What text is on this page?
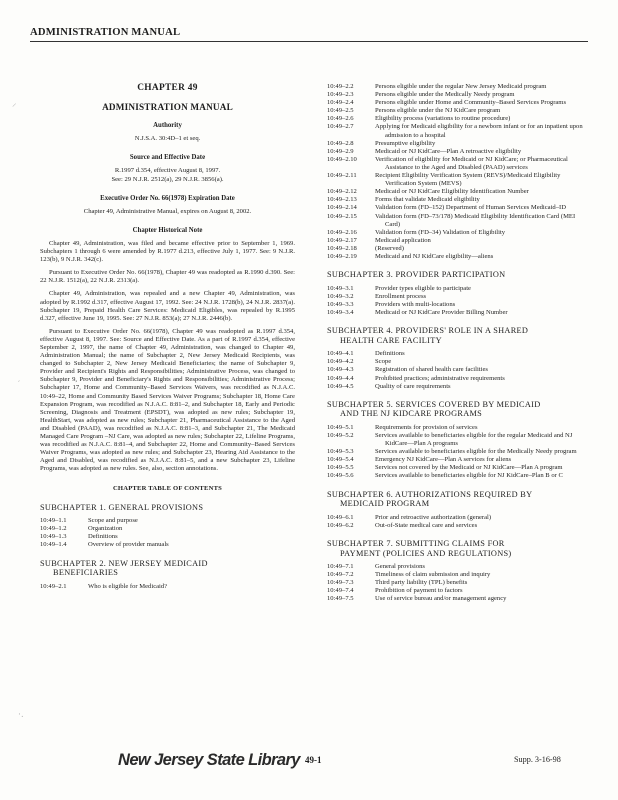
ADMINISTRATION MANUAL
⸝
′
·.
CHAPTER 49
ADMINISTRATION MANUAL
Authority
N.J.S.A. 30:4D–1 et seq.
Source and Effective Date
R.1997 d.354, effective August 8, 1997.
See: 29 N.J.R. 2512(a), 29 N.J.R. 3856(a).
Executive Order No. 66(1978) Expiration Date
Chapter 49, Administrative Manual, expires on August 8, 2002.
Chapter Historical Note

Chapter 49, Administration, was filed and became effective prior to September 1, 1969. Subchapters 1 through 6 were amended by R.1977 d.213, effective July 1, 1977. See: 9 N.J.R. 123(b), 9 N.J.R. 342(c).

Pursuant to Executive Order No. 66(1978), Chapter 49 was readopted as R.1990 d.390. See: 22 N.J.R. 1512(a), 22 N.J.R. 2313(a).

Chapter 49, Administration, was repealed and a new Chapter 49, Administration, was adopted by R.1992 d.317, effective August 17, 1992. See: 24 N.J.R. 1728(b), 24 N.J.R. 2837(a). Subchapter 19, Prepaid Health Care Services: Medicaid Eligibles, was repealed by R.1995 d.327, effective June 19, 1995. See: 27 N.J.R. 853(a); 27 N.J.R. 2446(b).

Pursuant to Executive Order No. 66(1978), Chapter 49 was readopted as R.1997 d.354, effective August 8, 1997. See: Source and Effective Date. As a part of R.1997 d.354, effective September 2, 1997, the name of Chapter 49, Administration, was changed to Chapter 49, Administration Manual; the name of Subchapter 2, New Jersey Medicaid Recipients, was changed to Subchapter 2, New Jersey Medicaid Beneficiaries; the name of Subchapter 9, Provider and Recipient's Rights and Responsibilities; Administrative Process, was changed to Subchapter 9, Provider and Beneficiary's Rights and Responsibilities; Administrative Process; Subchapter 17, Home and Community–Based Services Waivers, was recodified as N.J.A.C. 10:49–22, Home and Community Based Services Waiver Programs; Subchapter 18, Home Care Expansion Program, was recodified as N.J.A.C. 8:81–2, and Subchapter 18, Early and Periodic Screening, Diagnosis and Treatment (EPSDT), was adopted as new rules; Subchapter 19, HealthStart, was adopted as new rules; Subchapter 21, Pharmaceutical Assistance to the Aged and Disabled (PAAD), was recodified as N.J.A.C. 8:81–3, and Subchapter 21, The Medicaid Managed Care Program –NJ Care, was adopted as new rules; Subchapter 22, Lifeline Programs, was recodified as N.J.A.C. 8:81–4, and Subchapter 22, Home and Community–Based Services Waiver Programs, was adopted as new rules; and Subchapter 23, Hearing Aid Assistance to the Aged and Disabled, was recodified as N.J.A.C. 8:81–5, and a new Subchapter 23, Lifeline Programs, was adopted as new rules. See, also, section annotations.

CHAPTER TABLE OF CONTENTS
SUBCHAPTER 1. GENERAL PROVISIONS
10:49–1.1	Scope and purpose
10:49–1.2	Organization
10:49–1.3	Definitions
10:49–1.4	Overview of provider manuals
SUBCHAPTER 2. NEW JERSEY MEDICAID
BENEFICIARIES
10:49–2.1	Who is eligible for Medicaid?
10:49–2.2	Persons eligible under the regular New Jersey Medicaid program
10:49–2.3	Persons eligible under the Medically Needy program
10:49–2.4	Persons eligible under Home and Community–Based Services Programs
10:49–2.5	Persons eligible under the NJ KidCare program
10:49–2.6	Eligibility process (variations to routine procedure)
10:49–2.7	Applying for Medicaid eligibility for a newborn infant or for an inpatient upon admission to a hospital
10:49–2.8	Presumptive eligibility
10:49–2.9	Medicaid or NJ KidCare—Plan A retroactive eligibility
10:49–2.10	Verification of eligibility for Medicaid or NJ KidCare; or Pharmaceutical Assistance to the Aged and Disabled (PAAD) services
10:49–2.11	Recipient Eligibility Verification System (REVS)/Medicaid Eligibility Verification System (MEVS)
10:49–2.12	Medicaid or NJ KidCare Eligibility Identification Number
10:49–2.13	Forms that validate Medicaid eligibility
10:49–2.14	Validation form (FD–152) Department of Human Services Medicaid–ID
10:49–2.15	Validation form (FD–73/178) Medicaid Eligibility Identification Card (MEI Card)
10:49–2.16	Validation form (FD–34) Validation of Eligibility
10:49–2.17	Medicaid application
10:49–2.18	(Reserved)
10:49–2.19	Medicaid and NJ KidCare eligibility—aliens
SUBCHAPTER 3. PROVIDER PARTICIPATION
10:49–3.1	Provider types eligible to participate
10:49–3.2	Enrollment process
10:49–3.3	Providers with multi-locations
10:49–3.4	Medicaid or NJ KidCare Provider Billing Number
SUBCHAPTER 4. PROVIDERS' ROLE IN A SHARED
HEALTH CARE FACILITY
10:49–4.1	Definitions
10:49–4.2	Scope
10:49–4.3	Registration of shared health care facilities
10:49–4.4	Prohibited practices; administrative requirements
10:49–4.5	Quality of care requirements
SUBCHAPTER 5. SERVICES COVERED BY MEDICAID
AND THE NJ KIDCARE PROGRAMS
10:49–5.1	Requirements for provision of services
10:49–5.2	Services available to beneficiaries eligible for the regular Medicaid and NJ KidCare—Plan A programs
10:49–5.3	Services available to beneficiaries eligible for the Medically Needy program
10:49–5.4	Emergency NJ KidCare—Plan A services for aliens
10:49–5.5	Services not covered by the Medicaid or NJ KidCare—Plan A program
10:49–5.6	Services available to beneficiaries eligible for NJ KidCare–Plan B or C
SUBCHAPTER 6. AUTHORIZATIONS REQUIRED BY
MEDICAID PROGRAM
10:49–6.1	Prior and retroactive authorization (general)
10:49–6.2	Out-of-State medical care and services
SUBCHAPTER 7. SUBMITTING CLAIMS FOR
PAYMENT (POLICIES AND REGULATIONS)
10:49–7.1	General provisions
10:49–7.2	Timeliness of claim submission and inquiry
10:49–7.3	Third party liability (TPL) benefits
10:49–7.4	Prohibition of payment to factors
10:49–7.5	Use of service bureau and/or management agency
New Jersey State Library 49-1	Supp. 3-16-98
